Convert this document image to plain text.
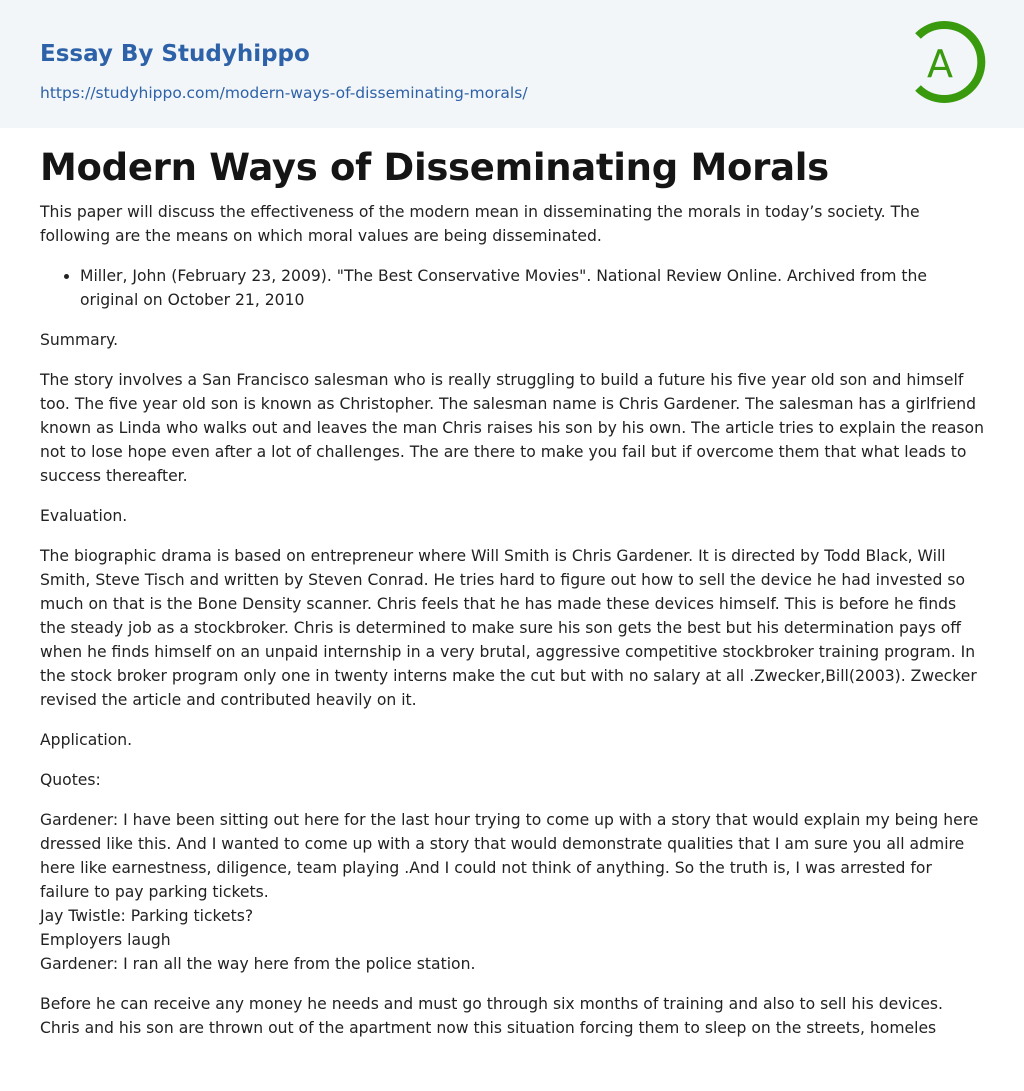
Essay By Studyhippo
https://studyhippo.com/modern-ways-of-disseminating-morals/
A
Modern Ways of Disseminating Morals

This paper will discuss the effectiveness of the modern mean in disseminating the morals in today’s society. The following are the means on which moral values are being disseminated.

• Miller, John (February 23, 2009). "The Best Conservative Movies". National Review Online. Archived from the original on October 21, 2010

Summary.

The story involves a San Francisco salesman who is really struggling to build a future his five year old son and himself too. The five year old son is known as Christopher. The salesman name is Chris Gardener. The salesman has a girlfriend known as Linda who walks out and leaves the man Chris raises his son by his own. The article tries to explain the reason not to lose hope even after a lot of challenges. The are there to make you fail but if overcome them that what leads to success thereafter.

Evaluation.

The biographic drama is based on entrepreneur where Will Smith is Chris Gardener. It is directed by Todd Black, Will Smith, Steve Tisch and written by Steven Conrad. He tries hard to figure out how to sell the device he had invested so much on that is the Bone Density scanner. Chris feels that he has made these devices himself. This is before he finds the steady job as a stockbroker. Chris is determined to make sure his son gets the best but his determination pays off when he finds himself on an unpaid internship in a very brutal, aggressive competitive stockbroker training program. In the stock broker program only one in twenty interns make the cut but with no salary at all .Zwecker,Bill(2003). Zwecker revised the article and contributed heavily on it.

Application.

Quotes:

Gardener: I have been sitting out here for the last hour trying to come up with a story that would explain my being here dressed like this. And I wanted to come up with a story that would demonstrate qualities that I am sure you all admire here like earnestness, diligence, team playing .And I could not think of anything. So the truth is, I was arrested for failure to pay parking tickets.

Jay Twistle: Parking tickets?

Employers laugh

Gardener: I ran all the way here from the police station.

Before he can receive any money he needs and must go through six months of training and also to sell his devices. Chris and his son are thrown out of the apartment now this situation forcing them to sleep on the streets, homeles
